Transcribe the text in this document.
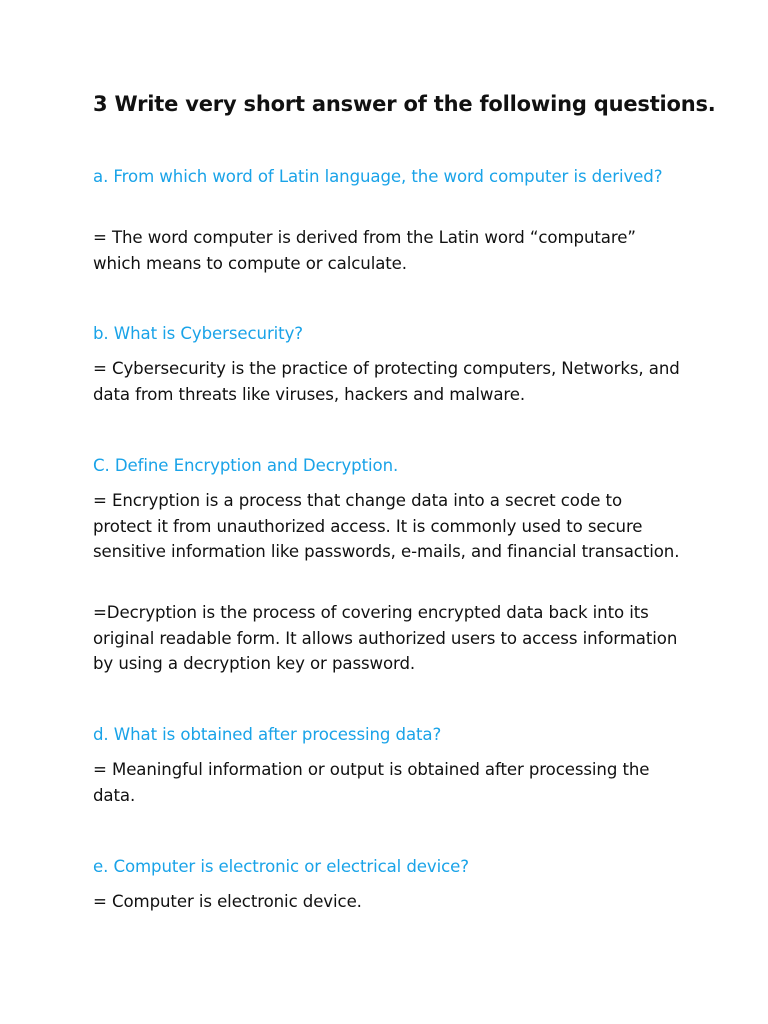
3 Write very short answer of the following questions.
a. From which word of Latin language, the word computer is derived?
= The word computer is derived from the Latin word “computare” which means to compute or calculate.
b. What is Cybersecurity?
= Cybersecurity is the practice of protecting computers, Networks, and data from threats like viruses, hackers and malware.
C. Define Encryption and Decryption.
= Encryption is a process that change data into a secret code to protect it from unauthorized access. It is commonly used to secure sensitive information like passwords, e-mails, and financial transaction.
=Decryption is the process of covering encrypted data back into its original readable form. It allows authorized users to access information by using a decryption key or password.
d. What is obtained after processing data?
= Meaningful information or output is obtained after processing the data.
e. Computer is electronic or electrical device?
= Computer is electronic device.
